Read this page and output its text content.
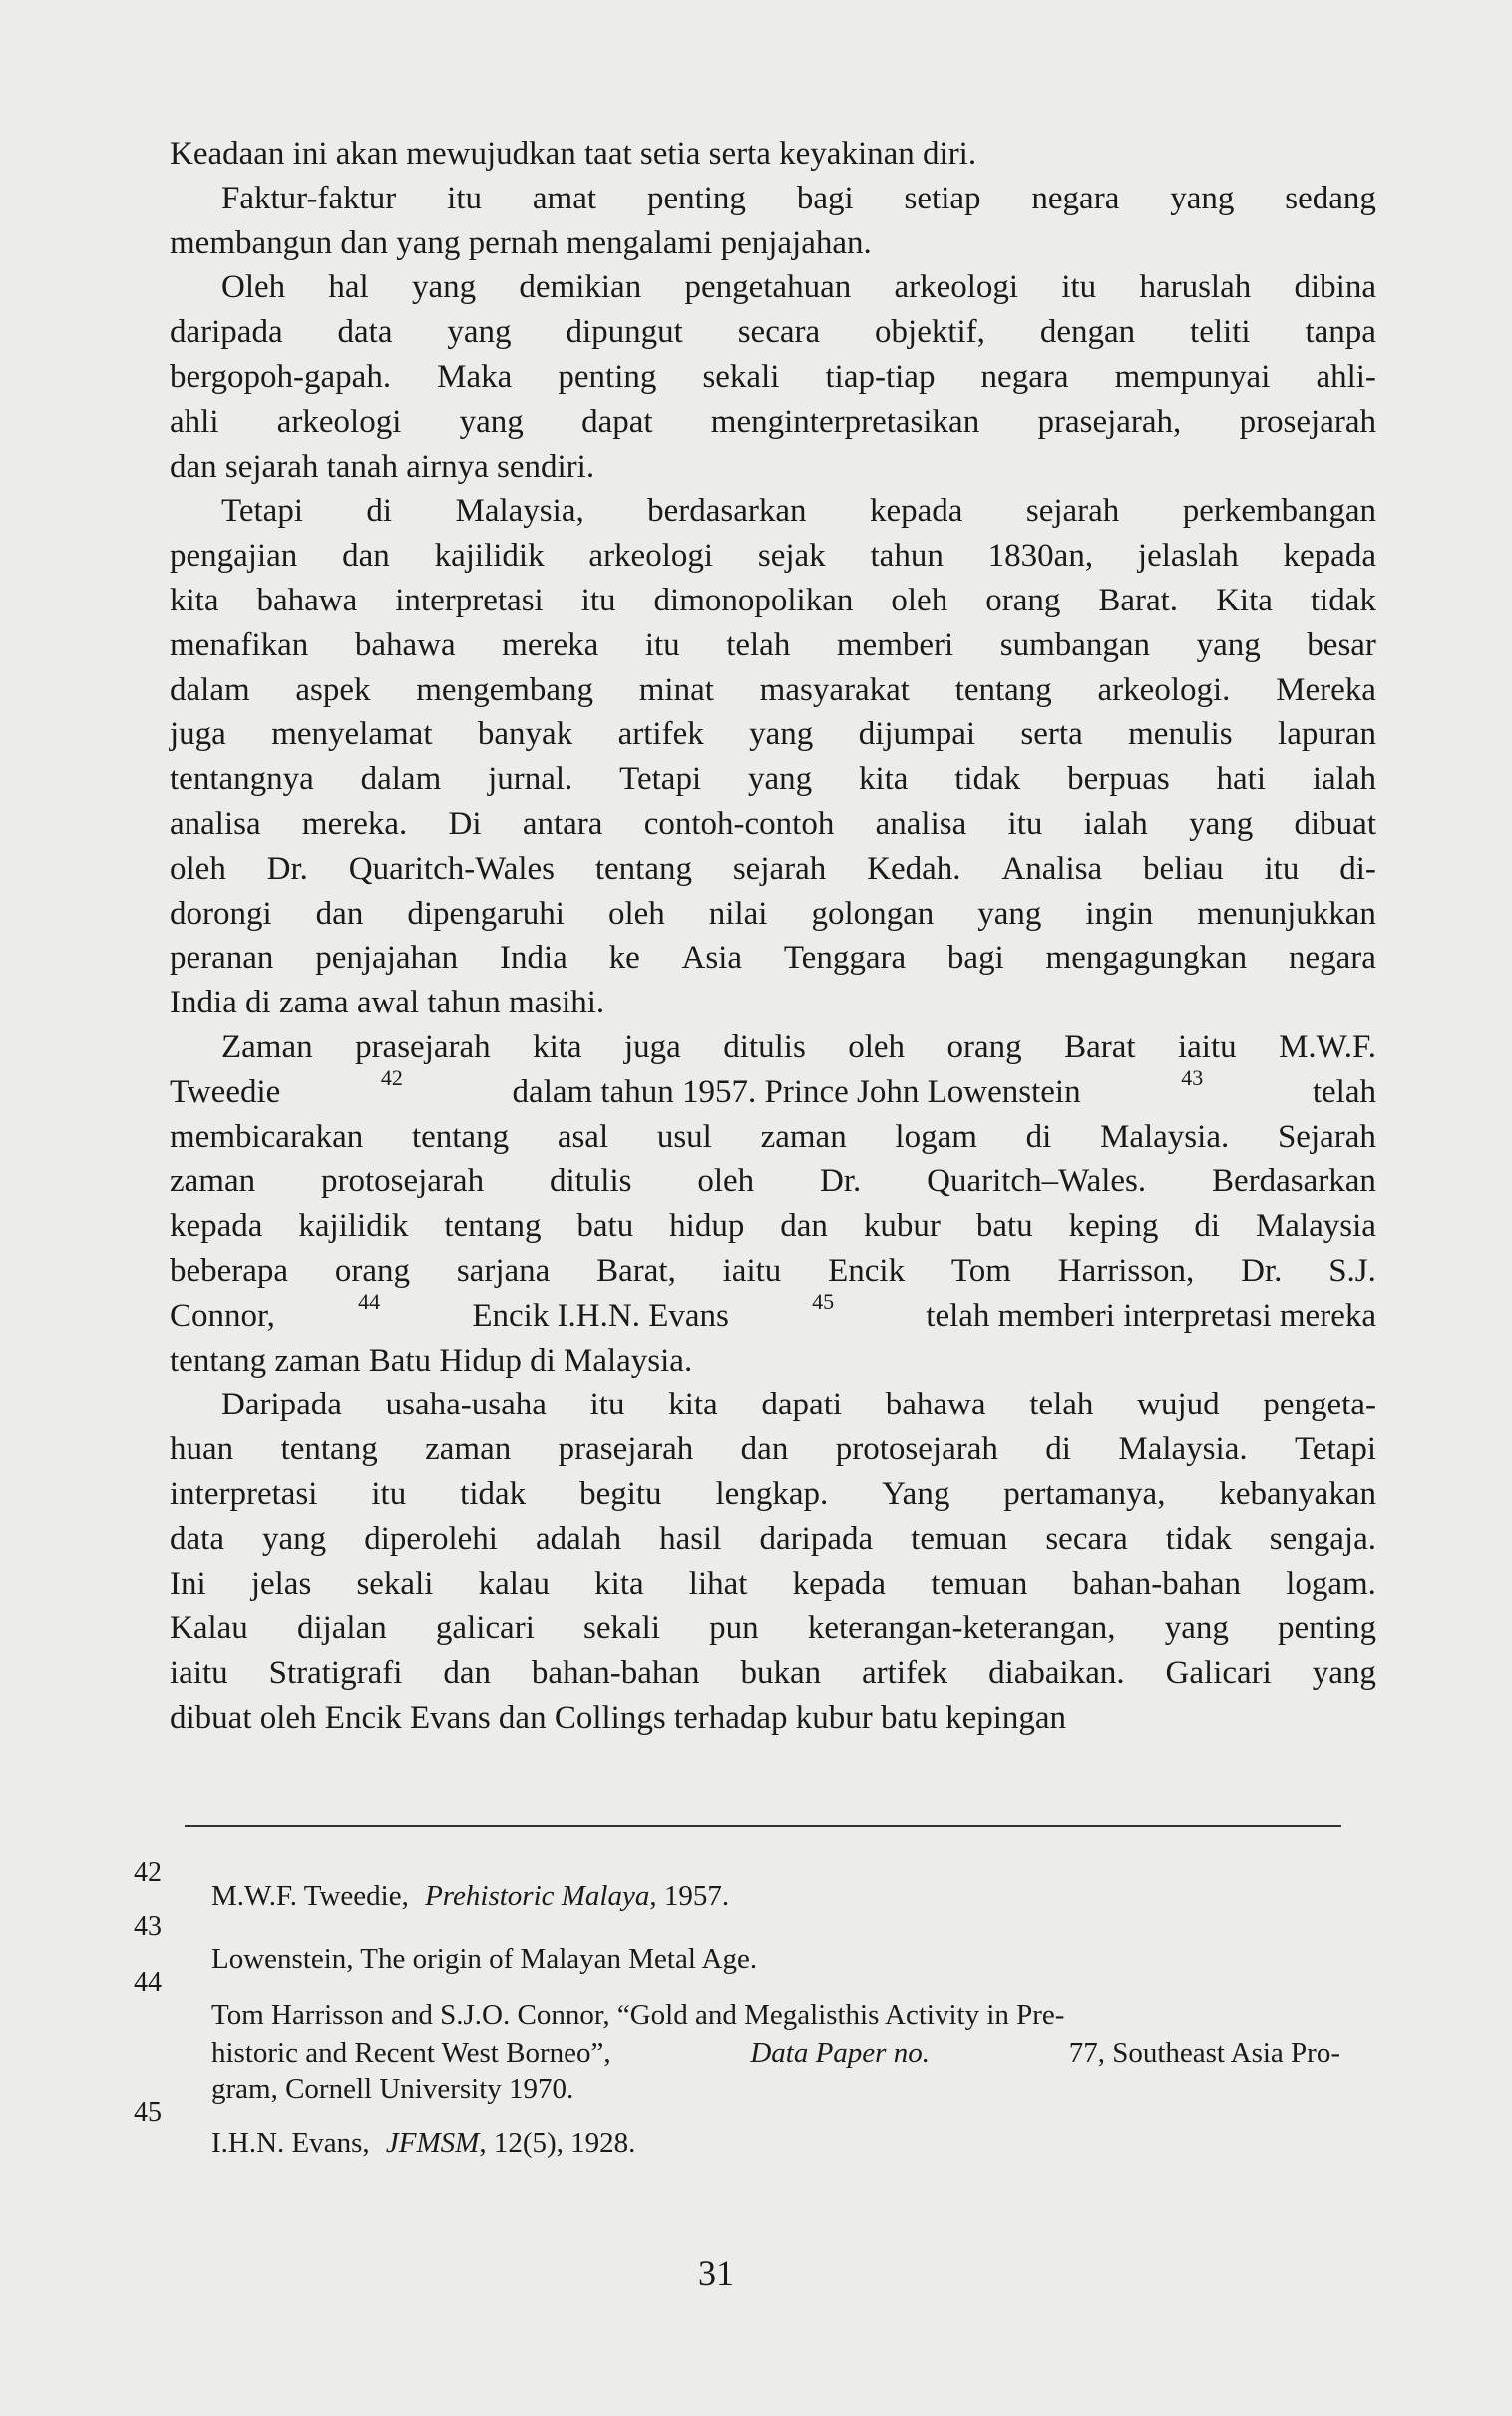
Keadaan ini akan mewujudkan taat setia serta keyakinan diri.
Faktur-faktur itu amat penting bagi setiap negara yang sedang
membangun dan yang pernah mengalami penjajahan.
Oleh hal yang demikian pengetahuan arkeologi itu haruslah dibina
daripada data yang dipungut secara objektif, dengan teliti tanpa
bergopoh-gapah. Maka penting sekali tiap-tiap negara mempunyai ahli-
ahli arkeologi yang dapat menginterpretasikan prasejarah, prosejarah
dan sejarah tanah airnya sendiri.
Tetapi di Malaysia, berdasarkan kepada sejarah perkembangan
pengajian dan kajilidik arkeologi sejak tahun 1830an, jelaslah kepada
kita bahawa interpretasi itu dimonopolikan oleh orang Barat. Kita tidak
menafikan bahawa mereka itu telah memberi sumbangan yang besar
dalam aspek mengembang minat masyarakat tentang arkeologi. Mereka
juga menyelamat banyak artifek yang dijumpai serta menulis lapuran
tentangnya dalam jurnal. Tetapi yang kita tidak berpuas hati ialah
analisa mereka. Di antara contoh-contoh analisa itu ialah yang dibuat
oleh Dr. Quaritch-Wales tentang sejarah Kedah. Analisa beliau itu di-
dorongi dan dipengaruhi oleh nilai golongan yang ingin menunjukkan
peranan penjajahan India ke Asia Tenggara bagi mengagungkan negara
India di zama awal tahun masihi.
Zaman prasejarah kita juga ditulis oleh orang Barat iaitu M.W.F.
Tweedie	$^{42}$	dalam tahun 1957. Prince John Lowenstein	$^{43}$	telah
membicarakan tentang asal usul zaman logam di Malaysia. Sejarah
zaman protosejarah ditulis oleh Dr. Quaritch–Wales. Berdasarkan
kepada kajilidik tentang batu hidup dan kubur batu keping di Malaysia
beberapa orang sarjana Barat, iaitu Encik Tom Harrisson, Dr. S.J.
Connor,	$^{44}$	Encik I.H.N. Evans	$^{45}$	telah memberi interpretasi mereka
tentang zaman Batu Hidup di Malaysia.
Daripada usaha-usaha itu kita dapati bahawa telah wujud pengeta-
huan tentang zaman prasejarah dan protosejarah di Malaysia. Tetapi
interpretasi itu tidak begitu lengkap. Yang pertamanya, kebanyakan
data yang diperolehi adalah hasil daripada temuan secara tidak sengaja.
Ini jelas sekali kalau kita lihat kepada temuan bahan-bahan logam.
Kalau dijalan galicari sekali pun keterangan-keterangan, yang penting
iaitu Stratigrafi dan bahan-bahan bukan artifek diabaikan. Galicari yang
dibuat oleh Encik Evans dan Collings terhadap kubur batu kepingan
42
M.W.F. Tweedie, Prehistoric Malaya, 1957.
43
Lowenstein, The origin of Malayan Metal Age.
44
Tom Harrisson and S.J.O. Connor, “Gold and Megalisthis Activity in Pre-
historic and Recent West Borneo”,	Data Paper no.	77, Southeast Asia Pro-
gram, Cornell University 1970.
45
I.H.N. Evans, JFMSM, 12(5), 1928.
31
